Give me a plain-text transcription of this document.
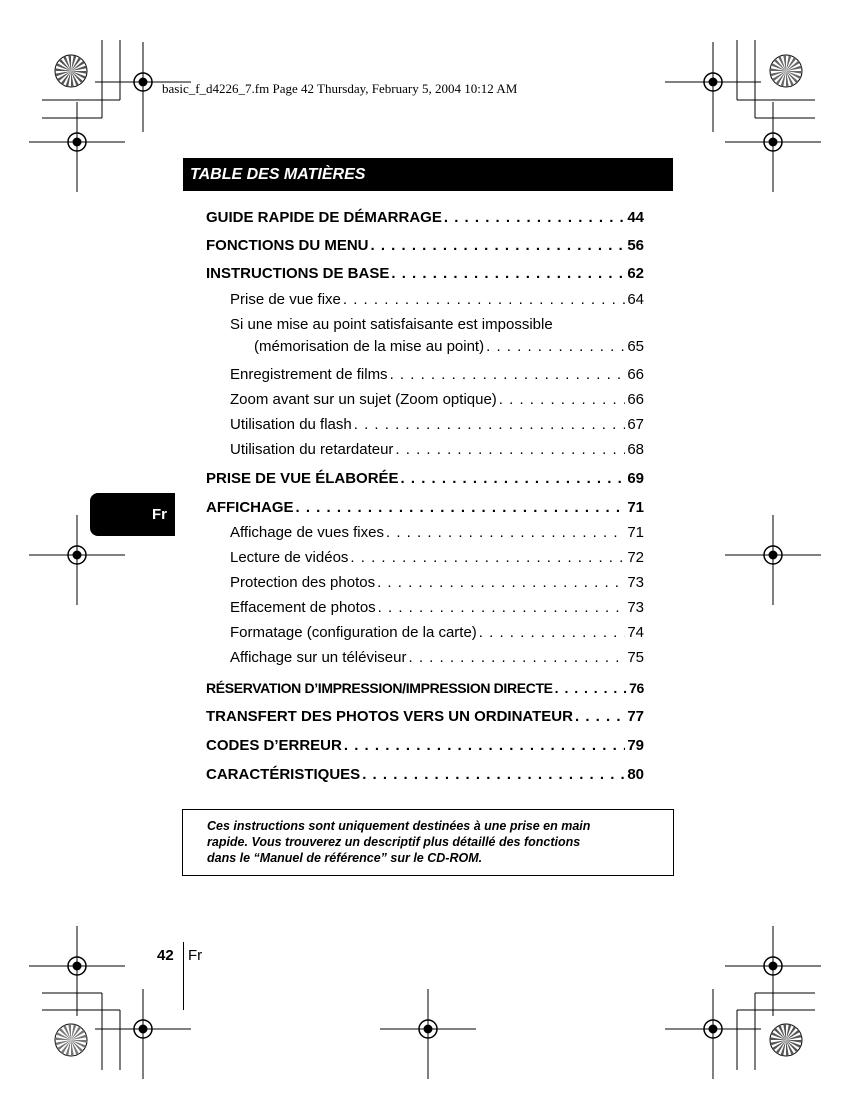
basic_f_d4226_7.fm Page 42 Thursday, February 5, 2004 10:12 AM
TABLE DES MATIÈRES
GUIDE RAPIDE DE DÉMARRAGE . . .	44
FONCTIONS DU MENU . . .	56
INSTRUCTIONS DE BASE . . .	62
Prise de vue fixe . . .	64
Si une mise au point satisfaisante est impossible
(mémorisation de la mise au point) . . .	65
Enregistrement de films . . .	66
Zoom avant sur un sujet (Zoom optique) . . .	66
Utilisation du flash . . .	67
Utilisation du retardateur . . .	68
PRISE DE VUE ÉLABORÉE . . .	69
AFFICHAGE . . .	71
Affichage de vues fixes . . .	71
Lecture de vidéos . . .	72
Protection des photos . . .	73
Effacement de photos . . .	73
Formatage (configuration de la carte) . . .	74
Affichage sur un téléviseur . . .	75
RÉSERVATION D’IMPRESSION/IMPRESSION DIRECTE . . .	76
TRANSFERT DES PHOTOS VERS UN ORDINATEUR . . .	77
CODES D’ERREUR . . .	79
CARACTÉRISTIQUES . . .	80
Ces instructions sont uniquement destinées à une prise en main
rapide. Vous trouverez un descriptif plus détaillé des fonctions
dans le “Manuel de référence” sur le CD-ROM.
Fr
42 Fr
